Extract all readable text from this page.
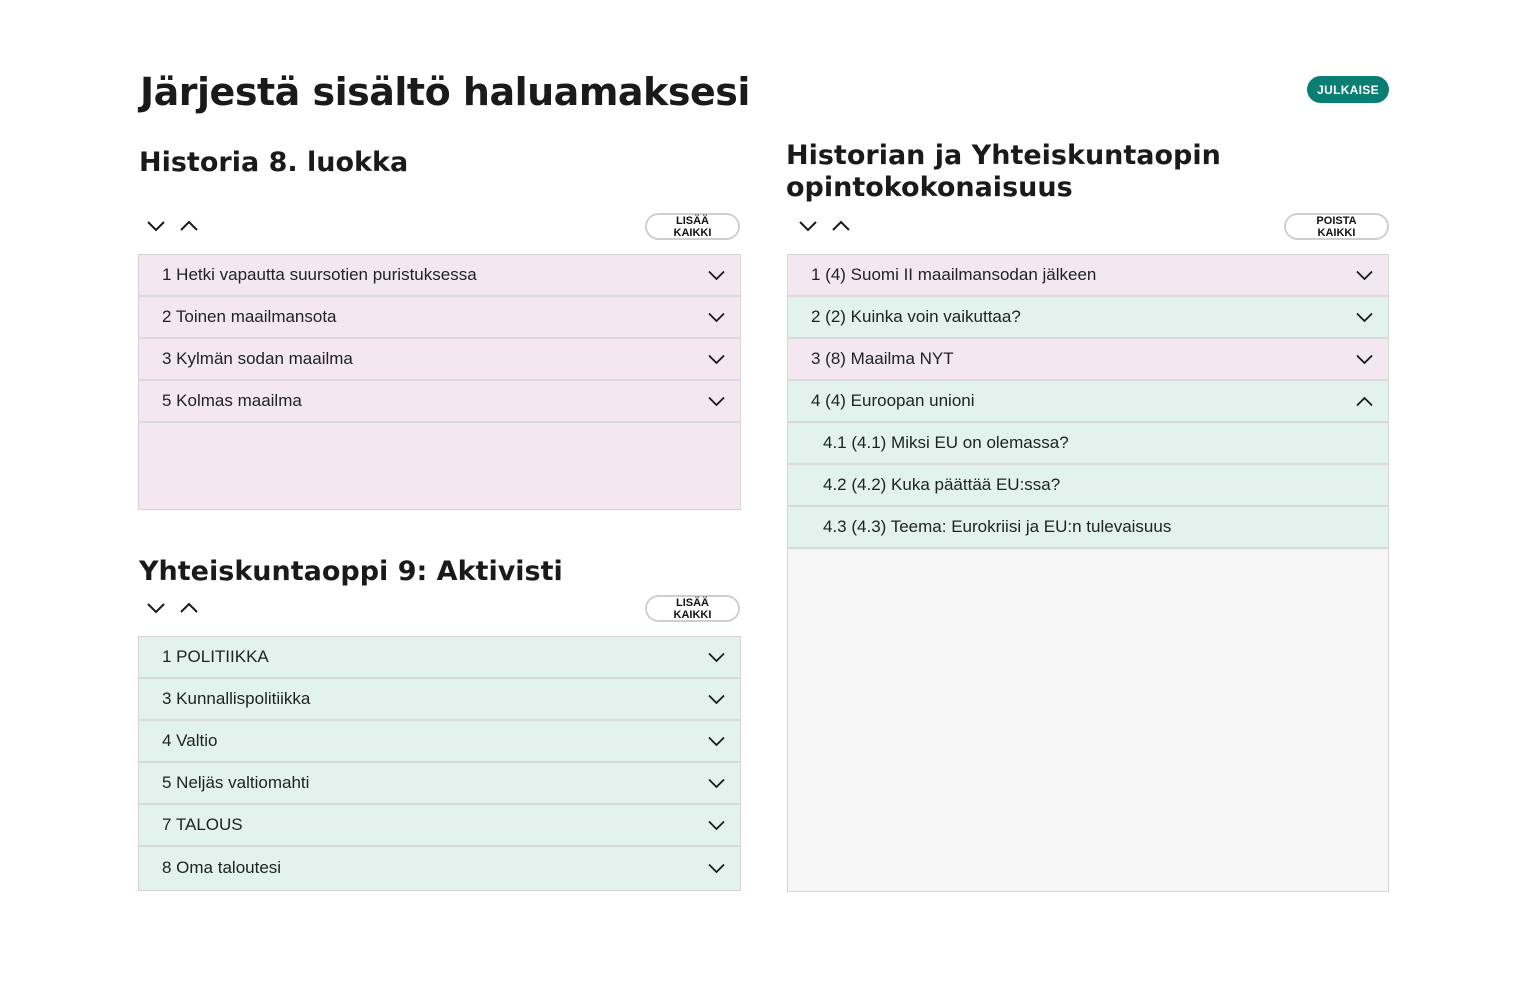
Järjestä sisältö haluamaksesi	JULKAISE
Historia 8. luokka
LISÄÄ KAIKKI
1 Hetki vapautta suursotien puristuksessa
2 Toinen maailmansota
3 Kylmän sodan maailma
5 Kolmas maailma
Yhteiskuntaoppi 9: Aktivisti
LISÄÄ KAIKKI
1 POLITIIKKA
3 Kunnallispolitiikka
4 Valtio
5 Neljäs valtiomahti
7 TALOUS
8 Oma taloutesi
Historian ja Yhteiskuntaopin
opintokokonaisuus
POISTA KAIKKI
1 (4) Suomi II maailmansodan jälkeen
2 (2) Kuinka voin vaikuttaa?
3 (8) Maailma NYT
4 (4) Euroopan unioni
4.1 (4.1) Miksi EU on olemassa?
4.2 (4.2) Kuka päättää EU:ssa?
4.3 (4.3) Teema: Eurokriisi ja EU:n tulevaisuus
